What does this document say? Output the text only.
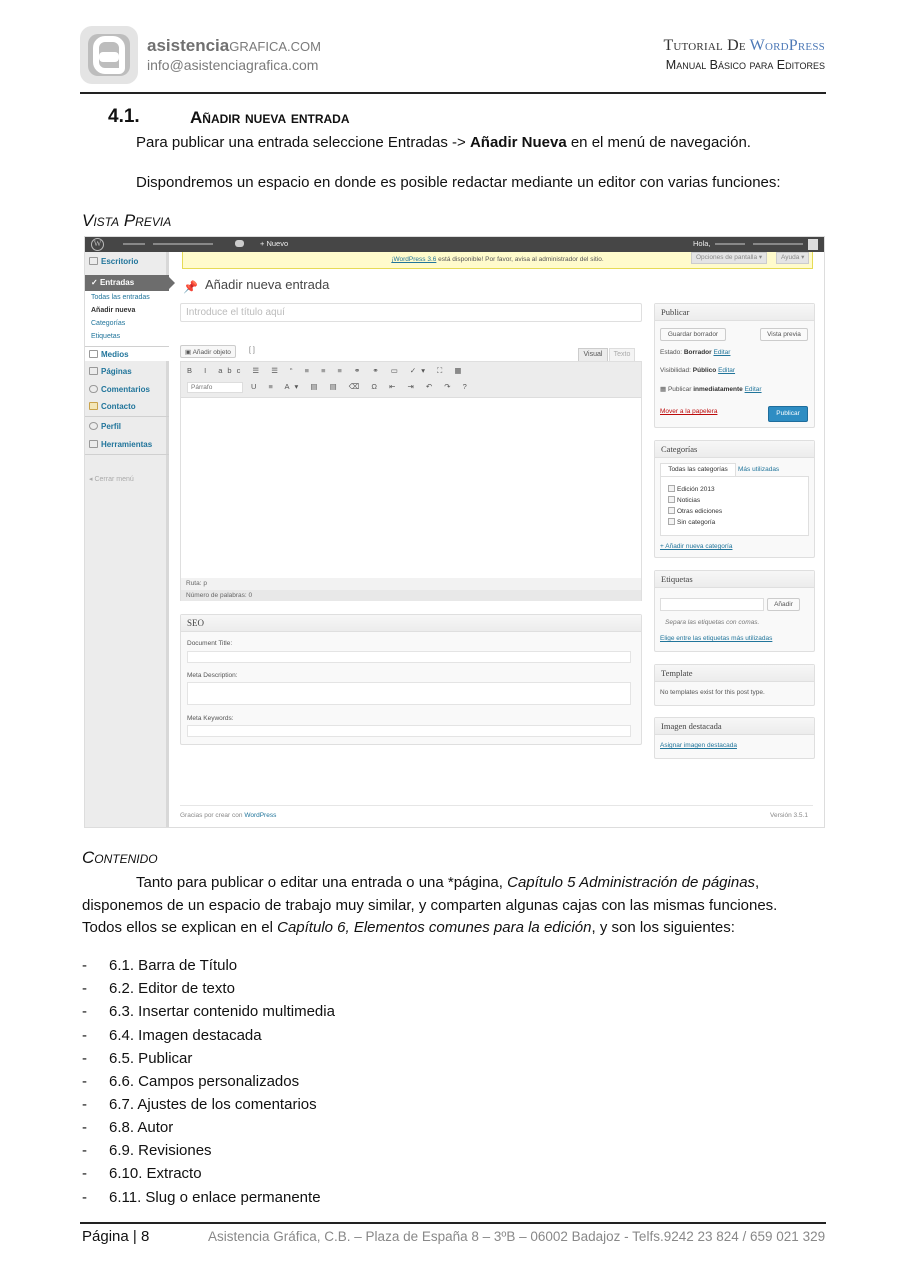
asistenciaGRAFICA.COM
info@asistenciagrafica.com
Tutorial De WordPress
Manual Básico para Editores
4.1.	Añadir nueva entrada
Para publicar una entrada seleccione Entradas -> Añadir Nueva en el menú de navegación.
Dispondremos un espacio en donde es posible redactar mediante un editor con varias funciones:
Vista Previa
W	+ Nuevo	Hola,
Escritorio
✓ Entradas
Todas las entradas
Añadir nueva
Categorías
Etiquetas
Medios
Páginas
Comentarios
Contacto
Perfil
Herramientas
◂ Cerrar menú
¡WordPress 3.6 está disponible! Por favor, avisa al administrador del sitio.	Opciones de pantalla ▾	Ayuda ▾
📌 Añadir nueva entrada
Introduce el título aquí
▣ Añadir objeto	[ ]
Visual	Texto
B I abc ☰ ☰ “ ≡ ≡ ≡ ⚭ ⚭ ▭ ✓▾ ⛶ ▦
Párrafo	U ≡ A▾ ▤ ▤ ⌫ Ω ⇤ ⇥ ↶ ↷ ?
Ruta: p
Número de palabras: 0
SEO
Document Title:
Meta Description:
Meta Keywords:
Publicar
Guardar borrador	Vista previa
Estado: Borrador Editar
Visibilidad: Público Editar
▦ Publicar inmediatamente Editar
Mover a la papelera	Publicar
Categorías
Todas las categorías	Más utilizadas
Edición 2013
Noticias
Otras ediciones
Sin categoría
+ Añadir nueva categoría
Etiquetas
Añadir
Separa las etiquetas con comas.
Elige entre las etiquetas más utilizadas
Template
No templates exist for this post type.
Imagen destacada
Asignar imagen destacada
Gracias por crear con WordPress	Versión 3.5.1
Contenido
Tanto para publicar o editar una entrada o una *página, Capítulo 5 Administración de páginas,
disponemos de un espacio de trabajo muy similar, y comparten algunas cajas con las mismas funciones.
Todos ellos se explican en el Capítulo 6, Elementos comunes para la edición, y son los siguientes:
- 6.1. Barra de Título
- 6.2. Editor de texto
- 6.3. Insertar contenido multimedia
- 6.4. Imagen destacada
- 6.5. Publicar
- 6.6. Campos personalizados
- 6.7. Ajustes de los comentarios
- 6.8. Autor
- 6.9. Revisiones
- 6.10. Extracto
- 6.11. Slug o enlace permanente
Página | 8	Asistencia Gráfica, C.B. – Plaza de España 8 – 3ºB – 06002 Badajoz - Telfs.9242 23 824 / 659 021 329
